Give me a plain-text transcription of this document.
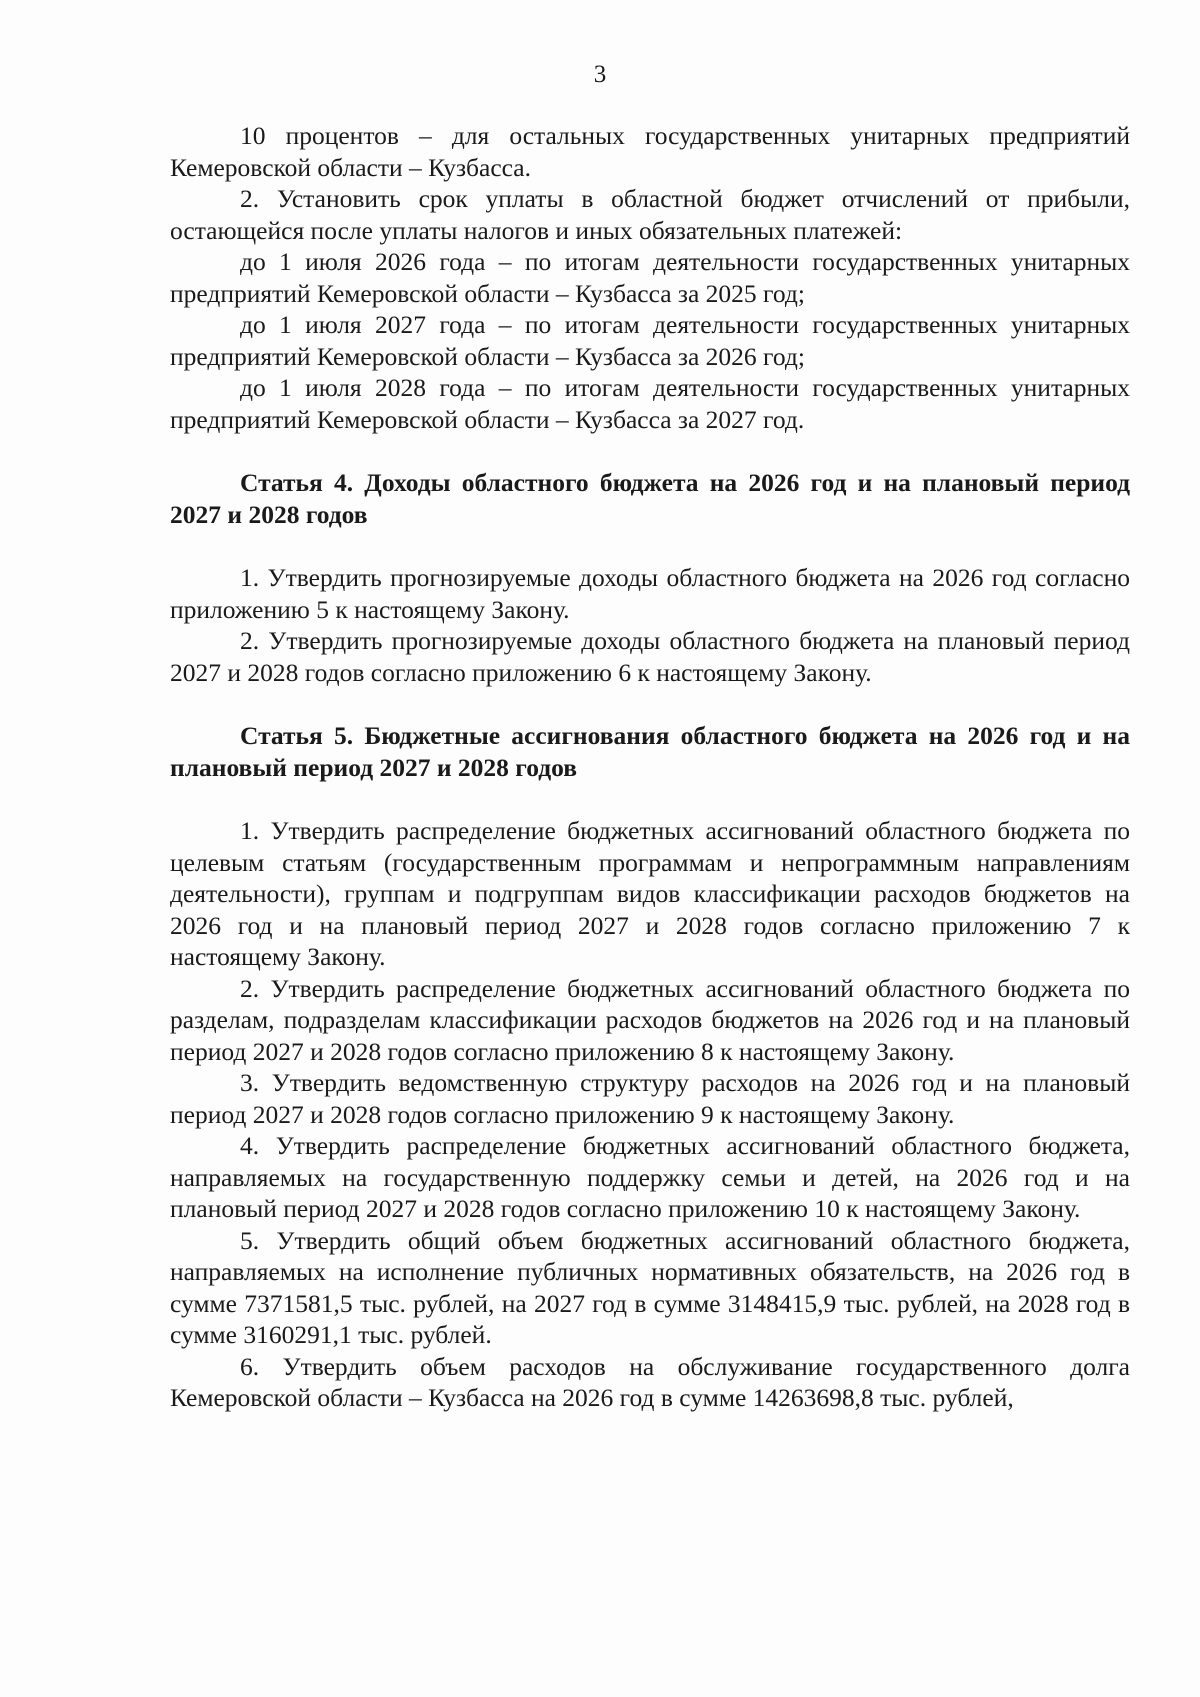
3

10 процентов – для остальных государственных унитарных предприятий Кемеровской области – Кузбасса.

2. Установить срок уплаты в областной бюджет отчислений от прибыли, остающейся после уплаты налогов и иных обязательных платежей:

до 1 июля 2026 года – по итогам деятельности государственных унитарных предприятий Кемеровской области – Кузбасса за 2025 год;

до 1 июля 2027 года – по итогам деятельности государственных унитарных предприятий Кемеровской области – Кузбасса за 2026 год;

до 1 июля 2028 года – по итогам деятельности государственных унитарных предприятий Кемеровской области – Кузбасса за 2027 год.

Статья 4. Доходы областного бюджета на 2026 год и на плановый период 2027 и 2028 годов

1. Утвердить прогнозируемые доходы областного бюджета на 2026 год согласно приложению 5 к настоящему Закону.

2. Утвердить прогнозируемые доходы областного бюджета на плановый период 2027 и 2028 годов согласно приложению 6 к настоящему Закону.

Статья 5. Бюджетные ассигнования областного бюджета на 2026 год и на плановый период 2027 и 2028 годов

1. Утвердить распределение бюджетных ассигнований областного бюджета по целевым статьям (государственным программам и непрограммным направлениям деятельности), группам и подгруппам видов классификации расходов бюджетов на 2026 год и на плановый период 2027 и 2028 годов согласно приложению 7 к настоящему Закону.

2. Утвердить распределение бюджетных ассигнований областного бюджета по разделам, подразделам классификации расходов бюджетов на 2026 год и на плановый период 2027 и 2028 годов согласно приложению 8 к настоящему Закону.

3. Утвердить ведомственную структуру расходов на 2026 год и на плановый период 2027 и 2028 годов согласно приложению 9 к настоящему Закону.

4. Утвердить распределение бюджетных ассигнований областного бюджета, направляемых на государственную поддержку семьи и детей, на 2026 год и на плановый период 2027 и 2028 годов согласно приложению 10 к настоящему Закону.

5. Утвердить общий объем бюджетных ассигнований областного бюджета, направляемых на исполнение публичных нормативных обязательств, на 2026 год в сумме 7371581,5 тыс. рублей, на 2027 год в сумме 3148415,9 тыс. рублей, на 2028 год в сумме 3160291,1 тыс. рублей.

6. Утвердить объем расходов на обслуживание государственного долга Кемеровской области – Кузбасса на 2026 год в сумме 14263698,8 тыс. рублей,
